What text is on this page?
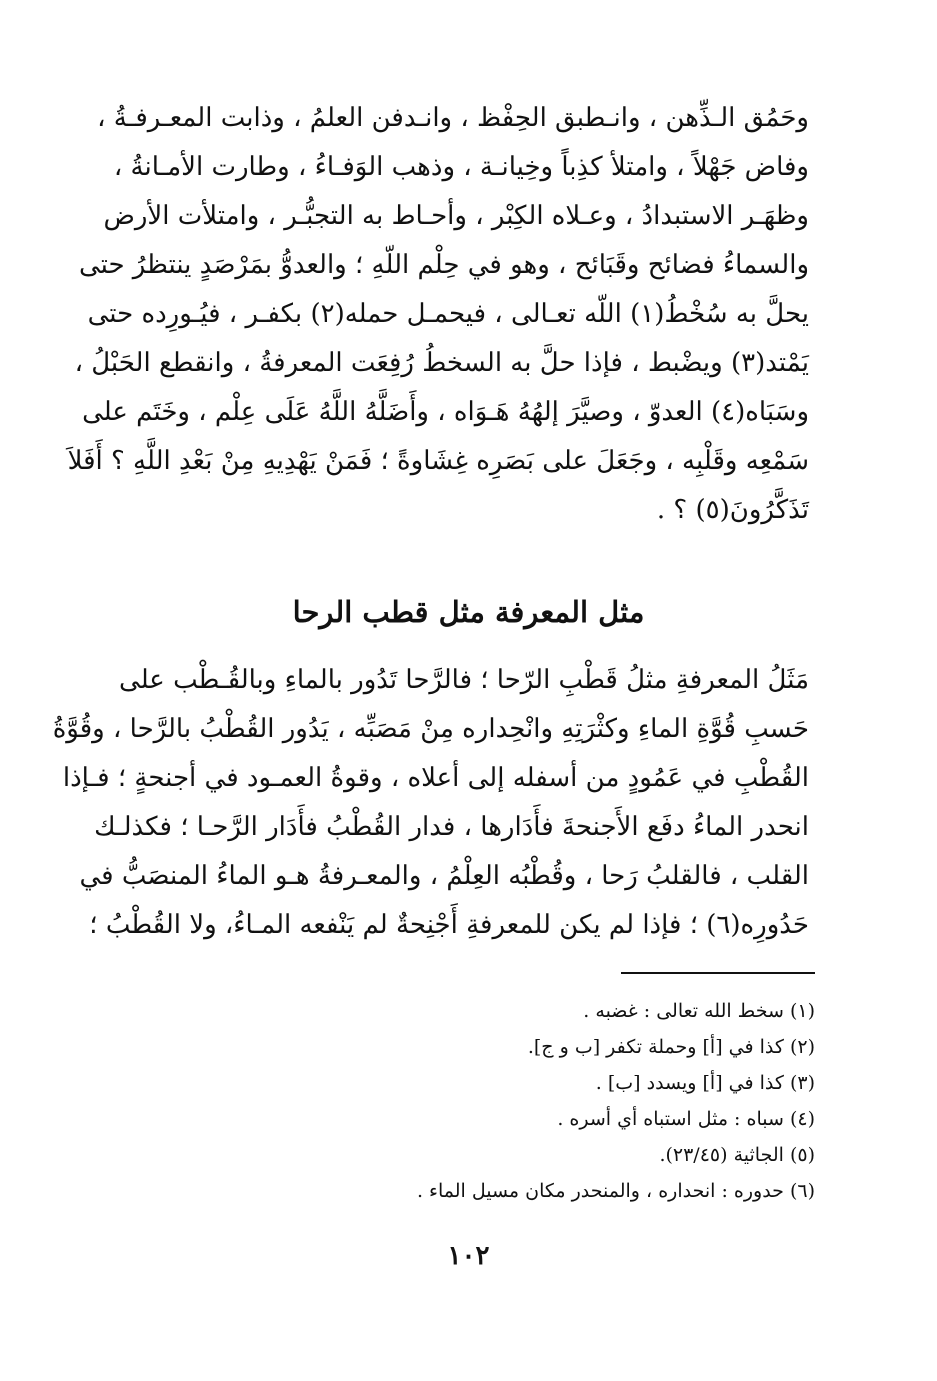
وحَمُق الـذِّهن ، وانـطبق الحِفْظ ، وانـدفن العلمُ ، وذابت المعـرفـةُ ،
وفاض جَهْلاً ، وامتلأ كذِباً وخِيانـة ، وذهب الوَفـاءُ ، وطارت الأمـانةُ ،
وظهَـر الاستبدادُ ، وعـلاه الكِبْر ، وأحـاط به التجبُّـر ، وامتلأت الأرض
والسماءُ فضائح وقَبَائح ، وهو في حِلْم اللّهِ ؛ والعدوُّ بمَرْصَدٍ ينتظرُ حتى
يحلَّ به سُخْطُ(١) اللّه تعـالى ، فيحمـل حمله(٢) بكفـر ، فيُـورِده حتى
يَمْتد(٣) ويضْبط ، فإذا حلَّ به السخطُ رُفِعَت المعرفةُ ، وانقطع الحَبْلُ ،
وسَبَاه(٤) العدوّ ، وصيَّرَ إلهُهُ هَـوَاه ، وأَضَلَّهُ اللَّهُ عَلَى عِلْم ، وخَتَم على
سَمْعِه وقَلْبِه ، وجَعَلَ على بَصَرِه غِشَاوةً ؛ فَمَنْ يَهْدِيهِ مِنْ بَعْدِ اللَّهِ ؟ أَفَلاَ
تَذَكَّرُونَ(٥) ؟ .
مثل المعرفة مثل قطب الرحا
مَثَلُ المعرفةِ مثلُ قَطْبِ الرّحا ؛ فالرَّحا تَدُور بالماءِ وبالقُـطْب على
حَسبِ قُوَّةِ الماءِ وكثْرَتِهِ وانْحِداره مِنْ مَصَبِّه ، يَدُور القُطْبُ بالرَّحا ، وقُوَّةُ
القُطْبِ في عَمُودٍ من أسفله إلى أعلاه ، وقوةُ العمـود في أجنحةٍ ؛ فـإذا
انحدر الماءُ دفَع الأَجنحةَ فأَدَارها ، فدار القُطْبُ فأَدَار الرَّحـا ؛ فكذلـك
القلب ، فالقلبُ رَحا ، وقُطْبُه العِلْمُ ، والمعـرفةُ هـو الماءُ المنصَبُّ في
حَدُورِه(٦) ؛ فإذا لم يكن للمعرفةِ أَجْنِحةٌ لم يَنْفعه المـاءُ، ولا القُطْبُ ؛
(١) سخط الله تعالى : غضبه .
(٢) كذا في [أ] وحملة تكفر [ب و ج].
(٣) كذا في [أ] ويسدد [ب] .
(٤) سباه : مثل استباه أي أسره .
(٥) الجاثية (٢٣/٤٥).
(٦) حدوره : انحداره ، والمنحدر مكان مسيل الماء .
١٠٢
